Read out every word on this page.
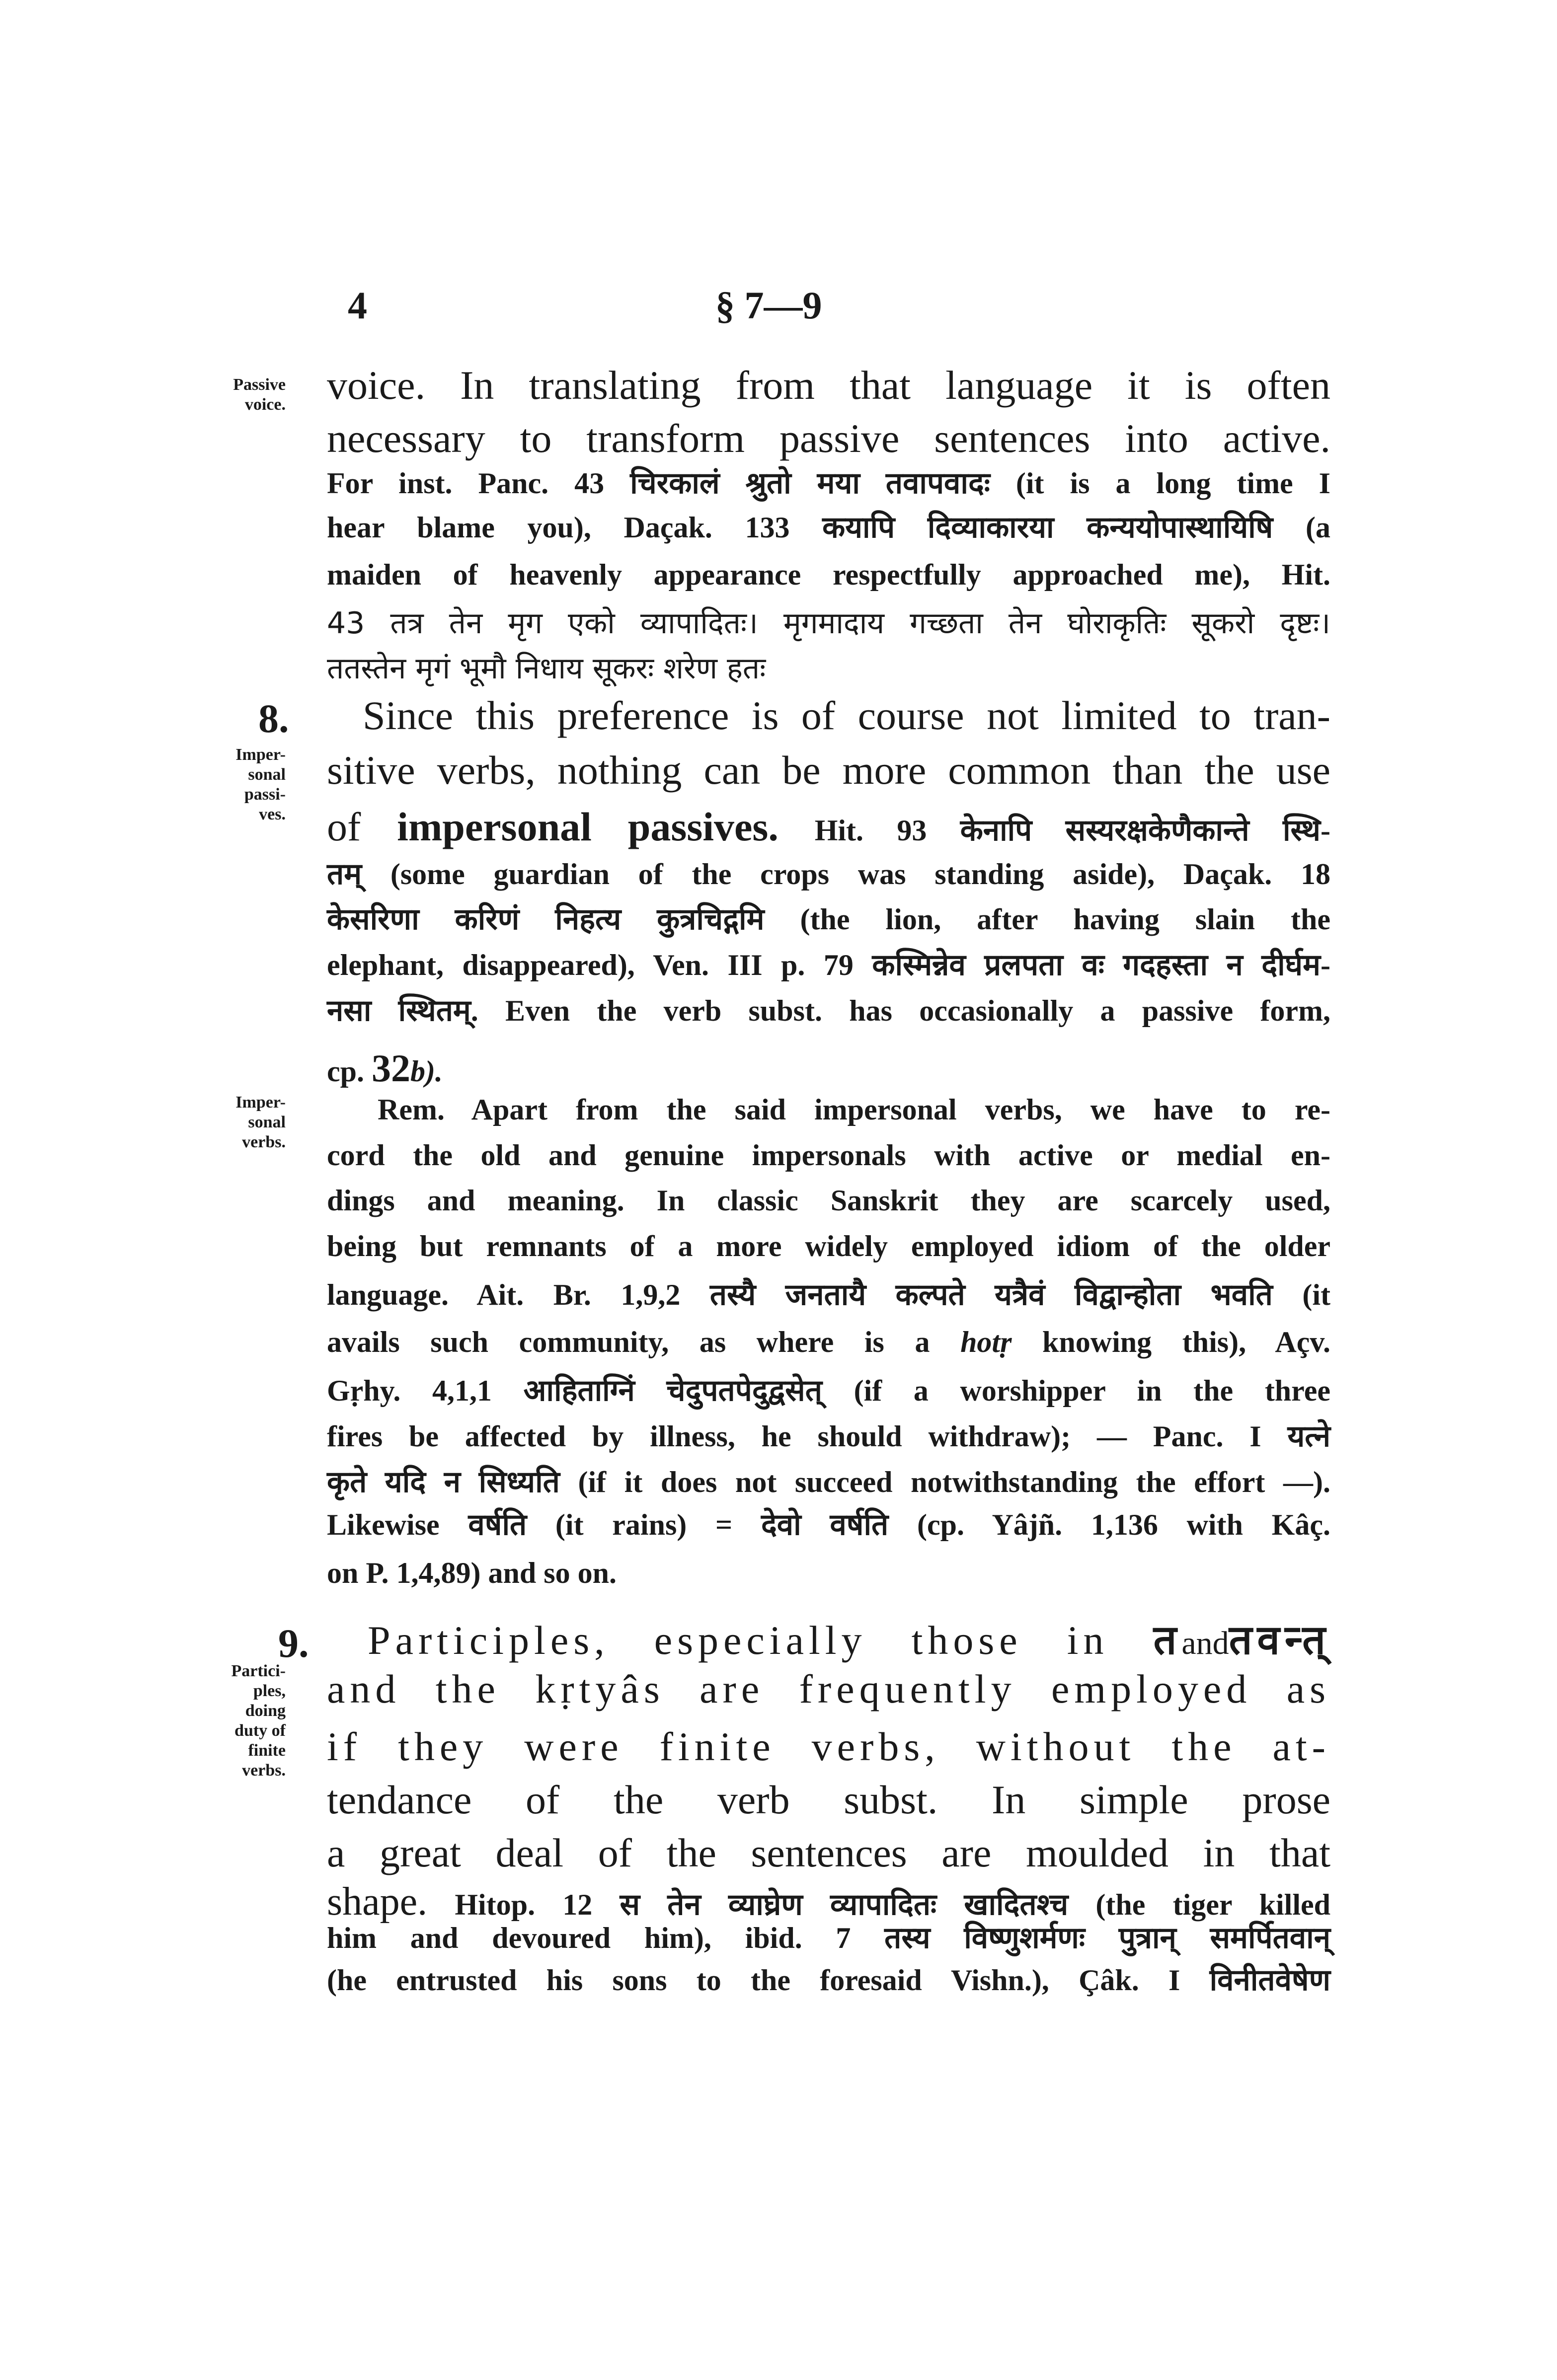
4	§ 7—9
Passive
voice.
Imper-
sonal
passi-
ves.
Imper-
sonal
verbs.
Partici-
ples,
doing
duty of
finite
verbs.
voice. In translating from that language it is often
necessary to transform passive sentences into active.
For inst. Panc. 43 चिरकालं श्रुतो मया तवापवादः (it is a long time I
hear blame you), Daçak. 133 कयापि दिव्याकारया कन्ययोपास्थायिषि (a
maiden of heavenly appearance respectfully approached me), Hit.
43 तत्र तेन मृग एको व्यापादितः। मृगमादाय गच्छता तेन घोराकृतिः सूकरो दृष्टः।
ततस्तेन मृगं भूमौ निधाय सूकरः शरेण हतः
8. Since this preference is of course not limited to tran-
sitive verbs, nothing can be more common than the use
of impersonal passives. Hit. 93 केनापि सस्यरक्षकेणैकान्ते स्थि-
तम् (some guardian of the crops was standing aside), Daçak. 18
केसरिणा करिणं निहत्य कुत्रचिद्गमि (the lion, after having slain the
elephant, disappeared), Ven. III p. 79 कस्मिन्नेव प्रलपता वः गदहस्ता न दीर्घम-
नसा स्थितम्. Even the verb subst. has occasionally a passive form,
cp. 32b).
Rem. Apart from the said impersonal verbs, we have to re-
cord the old and genuine impersonals with active or medial en-
dings and meaning. In classic Sanskrit they are scarcely used,
being but remnants of a more widely employed idiom of the older
language. Ait. Br. 1,9,2 तस्यै जनतायै कल्पते यत्रैवं विद्वान्होता भवति (it
avails such community, as where is a hotṛ knowing this), Açv.
Gṛhy. 4,1,1 आहिताग्निं चेदुपतपेदुद्वसेत् (if a worshipper in the three
fires be affected by illness, he should withdraw); — Panc. I यत्ने
कृते यदि न सिध्यति (if it does not succeed notwithstanding the effort —).
Likewise वर्षति (it rains) = देवो वर्षति (cp. Yâjñ. 1,136 with Kâç.
on P. 1,4,89) and so on.
9. Participles, especially those in तandतवन्त्
and the kṛtyâs are frequently employed as
if they were finite verbs, without the at-
tendance of the verb subst. In simple prose
a great deal of the sentences are moulded in that
shape. Hitop. 12 स तेन व्याघ्रेण व्यापादितः खादितश्च (the tiger killed
him and devoured him), ibid. 7 तस्य विष्णुशर्मणः पुत्रान् समर्पितवान्
(he entrusted his sons to the foresaid Vishn.), Çâk. I विनीतवेषेण
